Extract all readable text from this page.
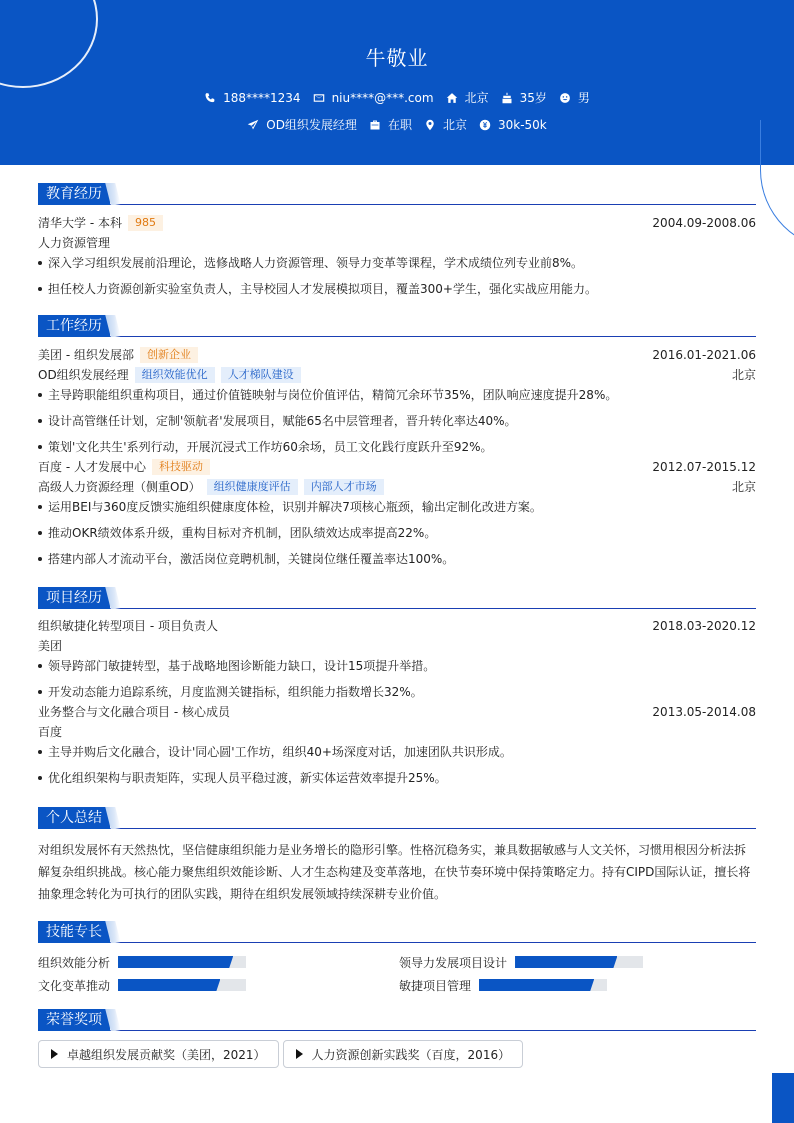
牛敬业
188****1234	niu****@***.com	北京	35岁	男
OD组织发展经理	在职	北京	30k-50k
教育经历
清华大学 - 本科 985	2004.09-2008.06
人力资源管理
深入学习组织发展前沿理论，选修战略人力资源管理、领导力变革等课程，学术成绩位列专业前8%。
担任校人力资源创新实验室负责人，主导校园人才发展模拟项目，覆盖300+学生，强化实战应用能力。
工作经历
美团 - 组织发展部 创新企业	2016.01-2021.06
OD组织发展经理 组织效能优化 人才梯队建设	北京
主导跨职能组织重构项目，通过价值链映射与岗位价值评估，精简冗余环节35%，团队响应速度提升28%。
设计高管继任计划，定制'领航者'发展项目，赋能65名中层管理者，晋升转化率达40%。
策划'文化共生'系列行动，开展沉浸式工作坊60余场，员工文化践行度跃升至92%。
百度 - 人才发展中心 科技驱动	2012.07-2015.12
高级人力资源经理（侧重OD） 组织健康度评估 内部人才市场	北京
运用BEI与360度反馈实施组织健康度体检，识别并解决7项核心瓶颈，输出定制化改进方案。
推动OKR绩效体系升级，重构目标对齐机制，团队绩效达成率提高22%。
搭建内部人才流动平台，激活岗位竞聘机制，关键岗位继任覆盖率达100%。
项目经历
组织敏捷化转型项目 - 项目负责人	2018.03-2020.12
美团
领导跨部门敏捷转型，基于战略地图诊断能力缺口，设计15项提升举措。
开发动态能力追踪系统，月度监测关键指标，组织能力指数增长32%。
业务整合与文化融合项目 - 核心成员	2013.05-2014.08
百度
主导并购后文化融合，设计'同心圆'工作坊，组织40+场深度对话，加速团队共识形成。
优化组织架构与职责矩阵，实现人员平稳过渡，新实体运营效率提升25%。
个人总结
对组织发展怀有天然热忱，坚信健康组织能力是业务增长的隐形引擎。性格沉稳务实，兼具数据敏感与人文关怀，习惯用根因分析法拆解复杂组织挑战。核心能力聚焦组织效能诊断、人才生态构建及变革落地，在快节奏环境中保持策略定力。持有CIPD国际认证，擅长将抽象理念转化为可执行的团队实践，期待在组织发展领域持续深耕专业价值。
技能专长
组织效能分析	领导力发展项目设计
文化变革推动	敏捷项目管理
荣誉奖项
卓越组织发展贡献奖（美团，2021）	人力资源创新实践奖（百度，2016）
